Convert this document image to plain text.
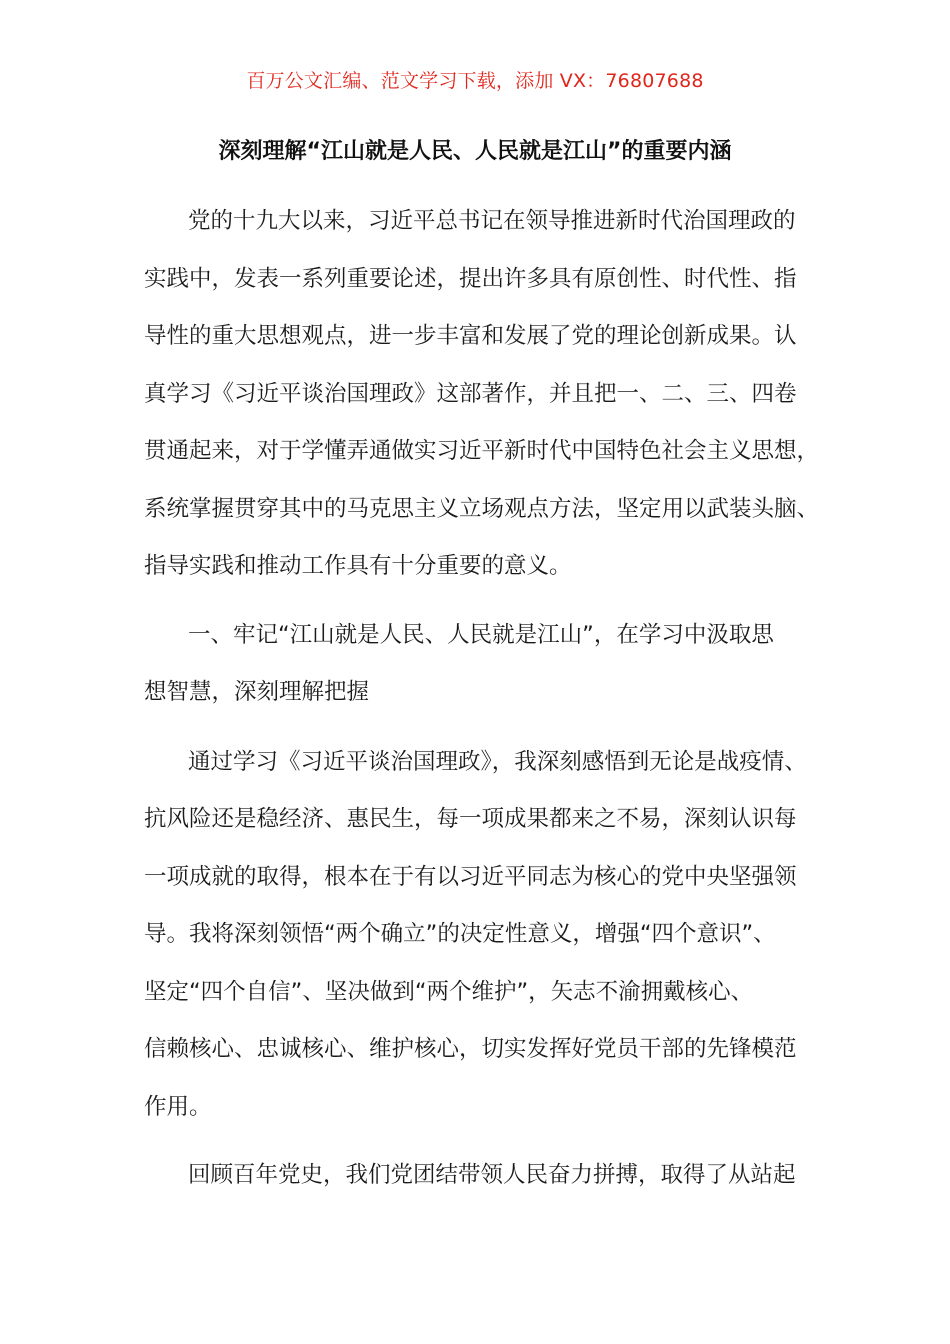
百万公文汇编、范文学习下载，添加 VX：76807688
深刻理解“江山就是人民、人民就是江山”的重要内涵
党的十九大以来，习近平总书记在领导推进新时代治国理政的
实践中，发表一系列重要论述，提出许多具有原创性、时代性、指
导性的重大思想观点，进一步丰富和发展了党的理论创新成果。认
真学习《习近平谈治国理政》这部著作，并且把一、二、三、四卷
贯通起来，对于学懂弄通做实习近平新时代中国特色社会主义思想，
系统掌握贯穿其中的马克思主义立场观点方法，坚定用以武装头脑、
指导实践和推动工作具有十分重要的意义。
一、牢记“江山就是人民、人民就是江山”，在学习中汲取思
想智慧，深刻理解把握
通过学习《习近平谈治国理政》，我深刻感悟到无论是战疫情、
抗风险还是稳经济、惠民生，每一项成果都来之不易，深刻认识每
一项成就的取得，根本在于有以习近平同志为核心的党中央坚强领
导。我将深刻领悟“两个确立”的决定性意义，增强“四个意识”、
坚定“四个自信”、坚决做到“两个维护”，矢志不渝拥戴核心、
信赖核心、忠诚核心、维护核心，切实发挥好党员干部的先锋模范
作用。
回顾百年党史，我们党团结带领人民奋力拼搏，取得了从站起
